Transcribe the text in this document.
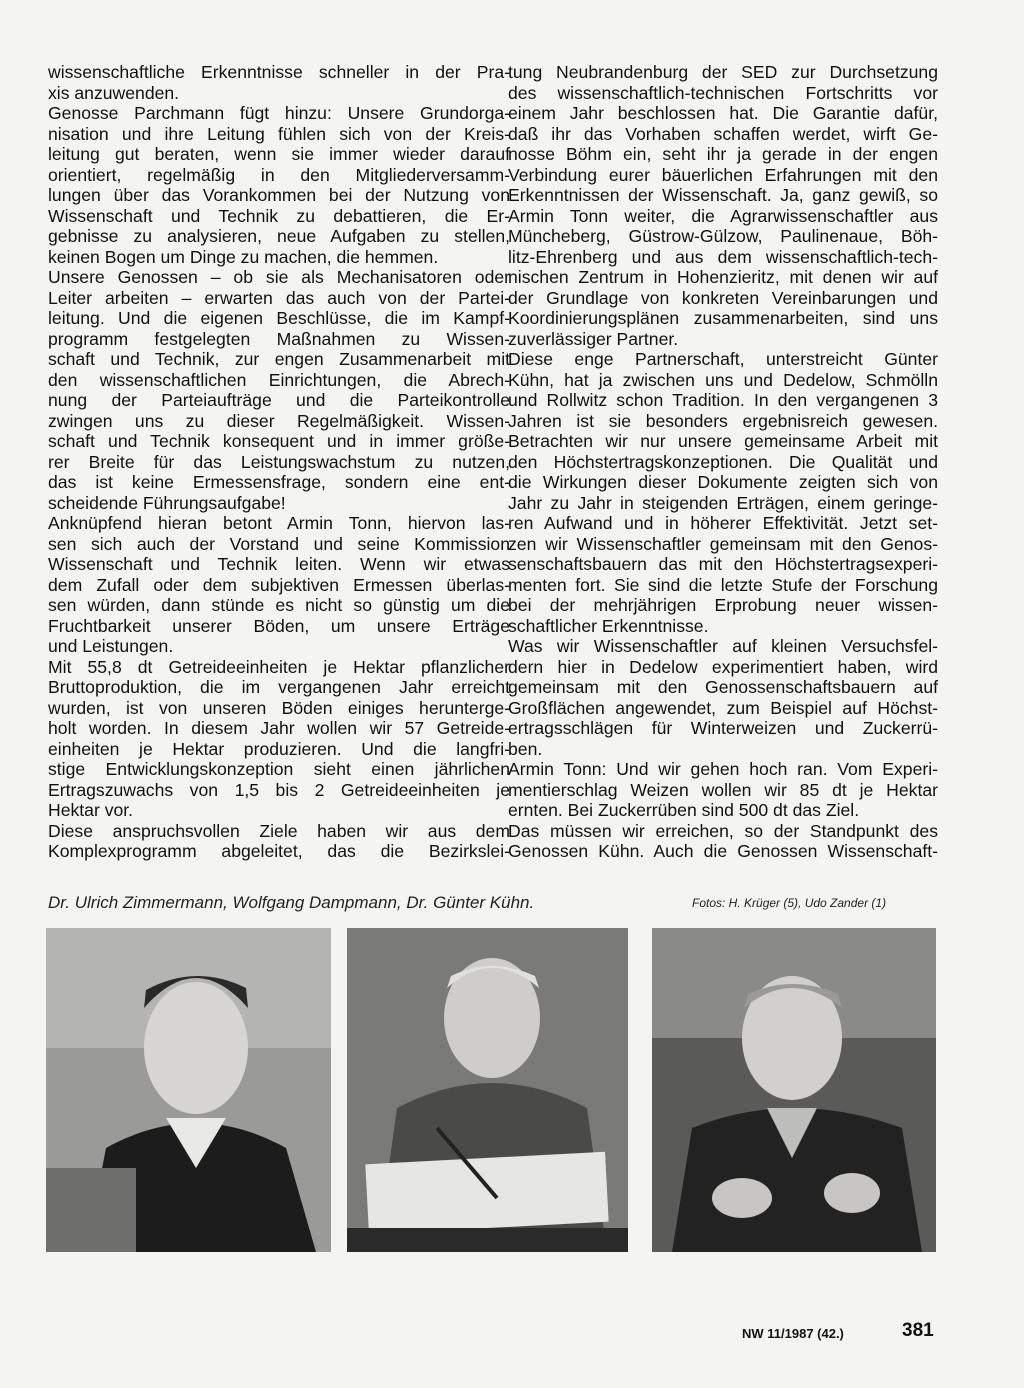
wissenschaftliche Erkenntnisse schneller in der Pra-
xis anzuwenden.
Genosse Parchmann fügt hinzu: Unsere Grundorga-
nisation und ihre Leitung fühlen sich von der Kreis-
leitung gut beraten, wenn sie immer wieder darauf
orientiert, regelmäßig in den Mitgliederversamm-
lungen über das Vorankommen bei der Nutzung von
Wissenschaft und Technik zu debattieren, die Er-
gebnisse zu analysieren, neue Aufgaben zu stellen,
keinen Bogen um Dinge zu machen, die hemmen.
Unsere Genossen – ob sie als Mechanisatoren oder
Leiter arbeiten – erwarten das auch von der Partei-
leitung. Und die eigenen Beschlüsse, die im Kampf-
programm festgelegten Maßnahmen zu Wissen-
schaft und Technik, zur engen Zusammenarbeit mit
den wissenschaftlichen Einrichtungen, die Abrech-
nung der Parteiaufträge und die Parteikontrolle
zwingen uns zu dieser Regelmäßigkeit. Wissen-
schaft und Technik konsequent und in immer größe-
rer Breite für das Leistungswachstum zu nutzen,
das ist keine Ermessensfrage, sondern eine ent-
scheidende Führungsaufgabe!
Anknüpfend hieran betont Armin Tonn, hiervon las-
sen sich auch der Vorstand und seine Kommission
Wissenschaft und Technik leiten. Wenn wir etwas
dem Zufall oder dem subjektiven Ermessen überlas-
sen würden, dann stünde es nicht so günstig um die
Fruchtbarkeit unserer Böden, um unsere Erträge
und Leistungen.
Mit 55,8 dt Getreideeinheiten je Hektar pflanzlicher
Bruttoproduktion, die im vergangenen Jahr erreicht
wurden, ist von unseren Böden einiges herunterge-
holt worden. In diesem Jahr wollen wir 57 Getreide-
einheiten je Hektar produzieren. Und die langfri-
stige Entwicklungskonzeption sieht einen jährlichen
Ertragszuwachs von 1,5 bis 2 Getreideeinheiten je
Hektar vor.
Diese anspruchsvollen Ziele haben wir aus dem
Komplexprogramm abgeleitet, das die Bezirkslei-
tung Neubrandenburg der SED zur Durchsetzung
des wissenschaftlich-technischen Fortschritts vor
einem Jahr beschlossen hat. Die Garantie dafür,
daß ihr das Vorhaben schaffen werdet, wirft Ge-
nosse Böhm ein, seht ihr ja gerade in der engen
Verbindung eurer bäuerlichen Erfahrungen mit den
Erkenntnissen der Wissenschaft. Ja, ganz gewiß, so
Armin Tonn weiter, die Agrarwissenschaftler aus
Müncheberg, Güstrow-Gülzow, Paulinenaue, Böh-
litz-Ehrenberg und aus dem wissenschaftlich-tech-
nischen Zentrum in Hohenzieritz, mit denen wir auf
der Grundlage von konkreten Vereinbarungen und
Koordinierungsplänen zusammenarbeiten, sind uns
zuverlässiger Partner.
Diese enge Partnerschaft, unterstreicht Günter
Kühn, hat ja zwischen uns und Dedelow, Schmölln
und Rollwitz schon Tradition. In den vergangenen 3
Jahren ist sie besonders ergebnisreich gewesen.
Betrachten wir nur unsere gemeinsame Arbeit mit
den Höchstertragskonzeptionen. Die Qualität und
die Wirkungen dieser Dokumente zeigten sich von
Jahr zu Jahr in steigenden Erträgen, einem geringe-
ren Aufwand und in höherer Effektivität. Jetzt set-
zen wir Wissenschaftler gemeinsam mit den Genos-
senschaftsbauern das mit den Höchstertragsexperi-
menten fort. Sie sind die letzte Stufe der Forschung
bei der mehrjährigen Erprobung neuer wissen-
schaftlicher Erkenntnisse.
Was wir Wissenschaftler auf kleinen Versuchsfel-
dern hier in Dedelow experimentiert haben, wird
gemeinsam mit den Genossenschaftsbauern auf
Großflächen angewendet, zum Beispiel auf Höchst-
ertragsschlägen für Winterweizen und Zuckerrü-
ben.
Armin Tonn: Und wir gehen hoch ran. Vom Experi-
mentierschlag Weizen wollen wir 85 dt je Hektar
ernten. Bei Zuckerrüben sind 500 dt das Ziel.
Das müssen wir erreichen, so der Standpunkt des
Genossen Kühn. Auch die Genossen Wissenschaft-
Dr. Ulrich Zimmermann, Wolfgang Dampmann, Dr. Günter Kühn.	Fotos: H. Krüger (5), Udo Zander (1)
NW 11/1987 (42.)	381
